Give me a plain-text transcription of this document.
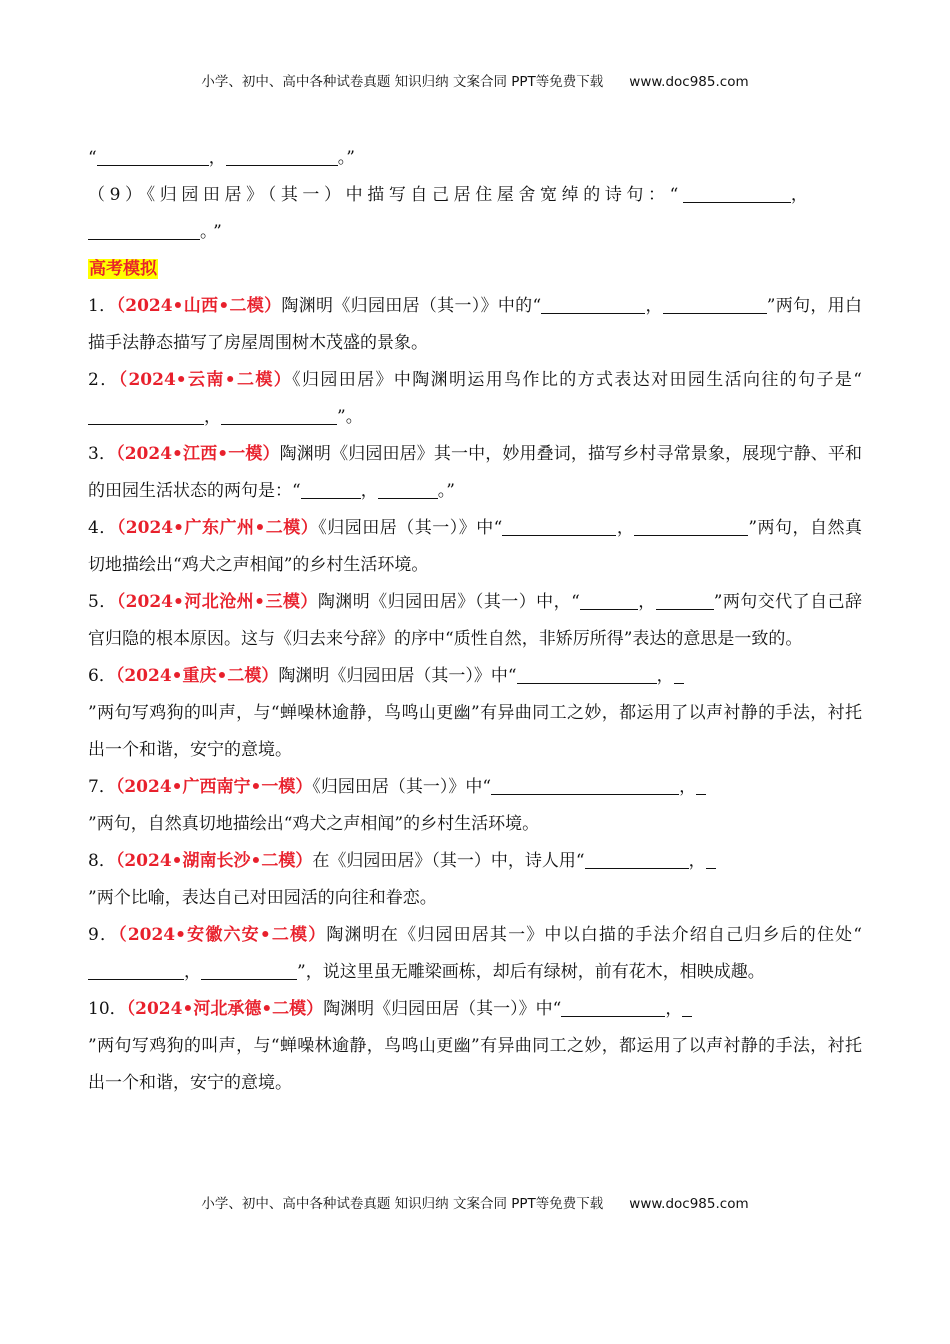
小学、初中、高中各种试卷真题 知识归纳 文案合同 PPT等免费下载 www.doc985.com

“	，	。”

（9）《归园田居》（其一）中描写自己居住屋舍宽绰的诗句：“	，
。”

高考模拟

1．（2024•山西•二模）陶渊明《归园田居（其一）》中的“	，	”两句，用白描手法静态描写了房屋周围树木茂盛的景象。

2．（2024•云南•二模）《归园田居》中陶渊明运用鸟作比的方式表达对田园生活向往的句子是“，	”。

3．（2024•江西•一模）陶渊明《归园田居》其一中，妙用叠词，描写乡村寻常景象，展现宁静、平和的田园生活状态的两句是：“	，	。”

4．（2024•广东广州•二模）《归园田居（其一）》中“	，	”两句，自然真切地描绘出“鸡犬之声相闻”的乡村生活环境。

5．（2024•河北沧州•三模）陶渊明《归园田居》（其一）中，“	，	”两句交代了自己辞官归隐的根本原因。这与《归去来兮辞》的序中“质性自然，非矫厉所得”表达的意思是一致的。

6．（2024•重庆•二模）陶渊明《归园田居（其一）》中“	，
”两句写鸡狗的叫声，与“蝉噪林逾静，鸟鸣山更幽”有异曲同工之妙，都运用了以声衬静的手法，衬托出一个和谐，安宁的意境。

7．（2024•广西南宁•一模）《归园田居（其一）》中“	，
”两句，自然真切地描绘出“鸡犬之声相闻”的乡村生活环境。

8．（2024•湖南长沙•二模）在《归园田居》（其一）中，诗人用“	，
”两个比喻，表达自己对田园活的向往和眷恋。

9．（2024•安徽六安•二模）陶渊明在《归园田居其一》中以白描的手法介绍自己归乡后的住处“，	”，说这里虽无雕梁画栋，却后有绿树，前有花木，相映成趣。

10．（2024•河北承德•二模）陶渊明《归园田居（其一）》中“	，
”两句写鸡狗的叫声，与“蝉噪林逾静，鸟鸣山更幽”有异曲同工之妙，都运用了以声衬静的手法，衬托出一个和谐，安宁的意境。

小学、初中、高中各种试卷真题 知识归纳 文案合同 PPT等免费下载 www.doc985.com
